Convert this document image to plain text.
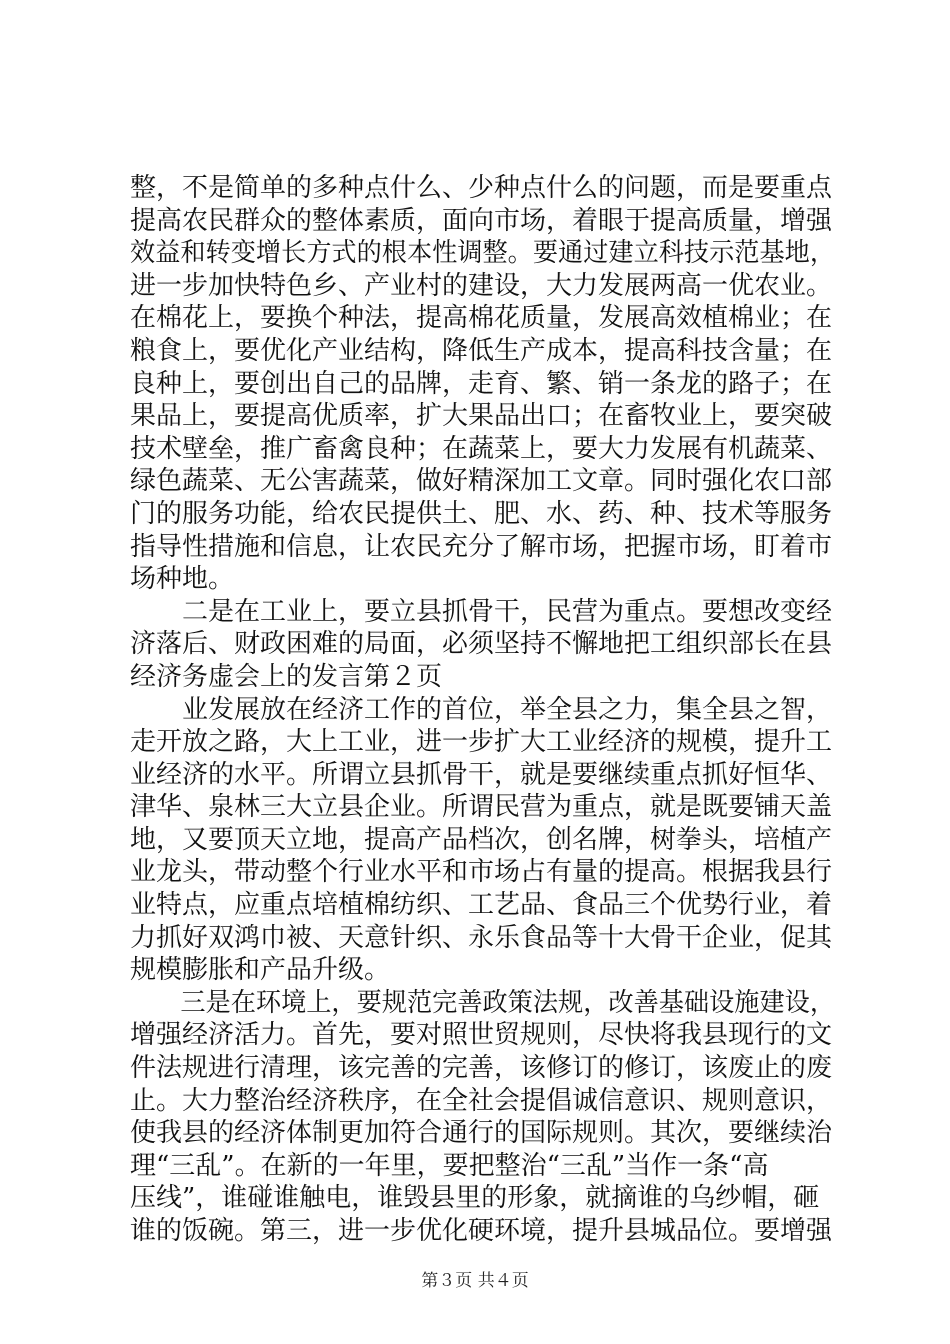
整，不是简单的多种点什么、少种点什么的问题，而是要重点
提高农民群众的整体素质，面向市场，着眼于提高质量，增强
效益和转变增长方式的根本性调整。要通过建立科技示范基地，
进一步加快特色乡、产业村的建设，大力发展两高一优农业。
在棉花上，要换个种法，提高棉花质量，发展高效植棉业；在
粮食上，要优化产业结构，降低生产成本，提高科技含量；在
良种上，要创出自己的品牌，走育、繁、销一条龙的路子；在
果品上，要提高优质率，扩大果品出口；在畜牧业上，要突破
技术壁垒，推广畜禽良种；在蔬菜上，要大力发展有机蔬菜、
绿色蔬菜、无公害蔬菜，做好精深加工文章。同时强化农口部
门的服务功能，给农民提供土、肥、水、药、种、技术等服务
指导性措施和信息，让农民充分了解市场，把握市场，盯着市
场种地。
　　二是在工业上，要立县抓骨干，民营为重点。要想改变经
济落后、财政困难的局面，必须坚持不懈地把工组织部长在县
经济务虚会上的发言第２页
　　业发展放在经济工作的首位，举全县之力，集全县之智，
走开放之路，大上工业，进一步扩大工业经济的规模，提升工
业经济的水平。所谓立县抓骨干，就是要继续重点抓好恒华、
津华、泉林三大立县企业。所谓民营为重点，就是既要铺天盖
地，又要顶天立地，提高产品档次，创名牌，树拳头，培植产
业龙头，带动整个行业水平和市场占有量的提高。根据我县行
业特点，应重点培植棉纺织、工艺品、食品三个优势行业，着
力抓好双鸿巾被、天意针织、永乐食品等十大骨干企业，促其
规模膨胀和产品升级。
　　三是在环境上，要规范完善政策法规，改善基础设施建设，
增强经济活力。首先，要对照世贸规则，尽快将我县现行的文
件法规进行清理，该完善的完善，该修订的修订，该废止的废
止。大力整治经济秩序，在全社会提倡诚信意识、规则意识，
使我县的经济体制更加符合通行的国际规则。其次，要继续治
理“三乱”。在新的一年里，要把整治“三乱”当作一条“高
压线”，谁碰谁触电，谁毁县里的形象，就摘谁的乌纱帽，砸
谁的饭碗。第三，进一步优化硬环境，提升县城品位。要增强
第３页 共４页
